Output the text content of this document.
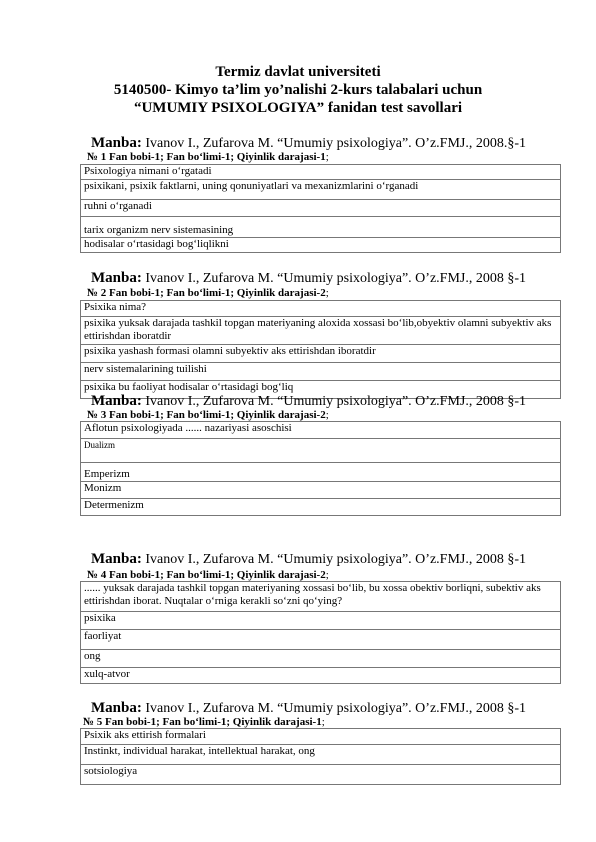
Termiz davlat universiteti
5140500- Kimyo ta’lim yo’nalishi 2-kurs talabalari uchun
“UMUMIY PSIXOLOGIYA” fanidan test savollari
Manba: Ivanov I., Zufarova M. “Umumiy psixologiya”. O’z.FMJ., 2008.§-1
№ 1 Fan bobi-1; Fan bo‘limi-1; Qiyinlik darajasi-1;
Psixologiya nimani o‘rgatadi
psixikani, psixik faktlarni, uning qonuniyatlari va mexanizmlarini o‘rganadi
ruhni o‘rganadi
tarix organizm nerv sistemasining
hodisalar o‘rtasidagi bog‘liqlikni
Manba: Ivanov I., Zufarova M. “Umumiy psixologiya”. O’z.FMJ., 2008 §-1
№ 2 Fan bobi-1; Fan bo‘limi-1; Qiyinlik darajasi-2;
Psixika nima?
psixika yuksak darajada tashkil topgan materiyaning aloxida xossasi bo‘lib,obyektiv olamni subyektiv aks ettirishdan iboratdir
psixika yashash formasi olamni subyektiv aks ettirishdan iboratdir
nerv sistemalarining tuilishi
psixika bu faoliyat hodisalar o‘rtasidagi bog‘liq
Manba: Ivanov I., Zufarova M. “Umumiy psixologiya”. O’z.FMJ., 2008 §-1
№ 3 Fan bobi-1; Fan bo‘limi-1; Qiyinlik darajasi-2;
Aflotun psixologiyada ...... nazariyasi asoschisi
Dualizm
Emperizm
Monizm
Determenizm
Manba: Ivanov I., Zufarova M. “Umumiy psixologiya”. O’z.FMJ., 2008 §-1
№ 4 Fan bobi-1; Fan bo‘limi-1; Qiyinlik darajasi-2;
...... yuksak darajada tashkil topgan materiyaning xossasi bo‘lib, bu xossa obektiv borliqni, subektiv aks ettirishdan iborat. Nuqtalar o‘rniga kerakli so‘zni qo‘ying?
psixika
faorliyat
ong
xulq-atvor
Manba: Ivanov I., Zufarova M. “Umumiy psixologiya”. O’z.FMJ., 2008 §-1
№ 5 Fan bobi-1; Fan bo‘limi-1; Qiyinlik darajasi-1;
Psixik aks ettirish formalari
Instinkt, individual harakat, intellektual harakat, ong
sotsiologiya
